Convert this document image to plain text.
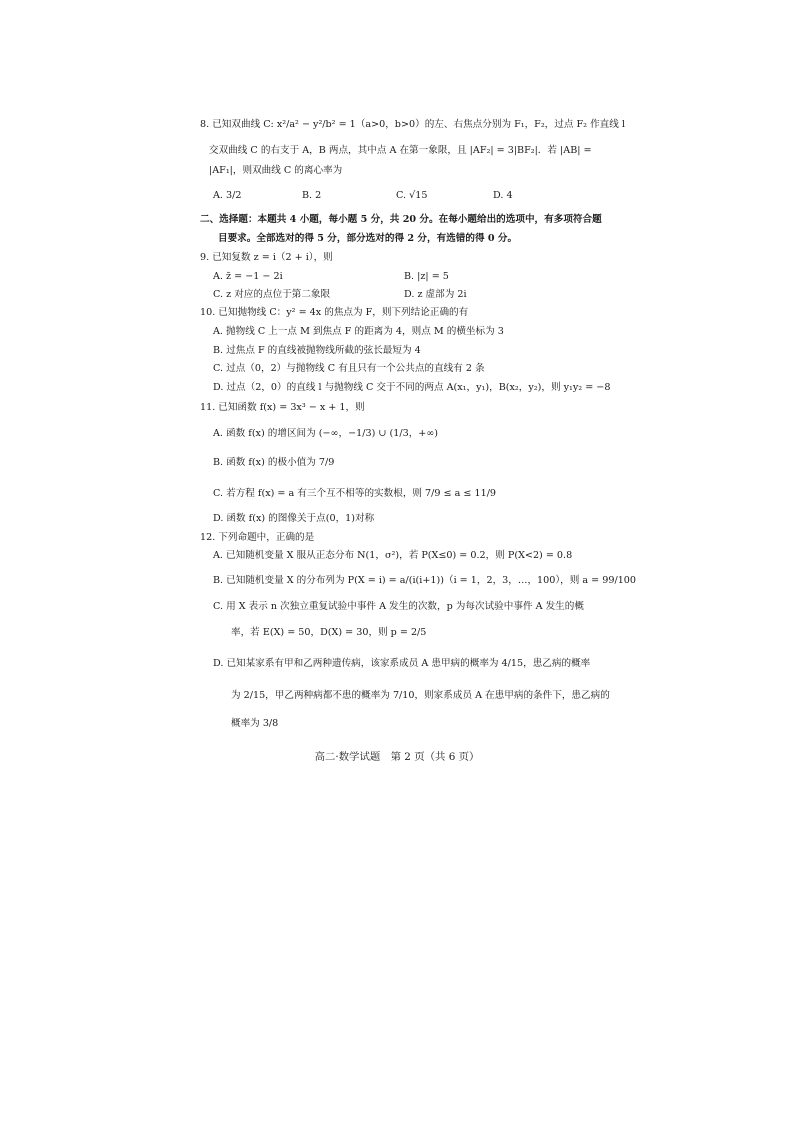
8. 已知双曲线 C: x²/a² − y²/b² = 1（a>0，b>0）的左、右焦点分别为 F₁，F₂，过点 F₂ 作直线 l
交双曲线 C 的右支于 A，B 两点，其中点 A 在第一象限，且 |AF₂| = 3|BF₂|．若 |AB| =
|AF₁|，则双曲线 C 的离心率为
A. 3/2	B. 2	C. √15	D. 4
二、选择题：本题共 4 小题，每小题 5 分，共 20 分。在每小题给出的选项中，有多项符合题
目要求。全部选对的得 5 分，部分选对的得 2 分，有选错的得 0 分。
9. 已知复数 z = i（2 + i），则
A. z̄ = −1 − 2i	B. |z| = 5
C. z 对应的点位于第二象限	D. z 虚部为 2i
10. 已知抛物线 C：y² = 4x 的焦点为 F，则下列结论正确的有
A. 抛物线 C 上一点 M 到焦点 F 的距离为 4，则点 M 的横坐标为 3
B. 过焦点 F 的直线被抛物线所截的弦长最短为 4
C. 过点（0，2）与抛物线 C 有且只有一个公共点的直线有 2 条
D. 过点（2，0）的直线 l 与抛物线 C 交于不同的两点 A(x₁，y₁)，B(x₂，y₂)，则 y₁y₂ = −8
11. 已知函数 f(x) = 3x³ − x + 1，则
A. 函数 f(x) 的增区间为 (−∞，−1/3) ∪ (1/3，+∞)
B. 函数 f(x) 的极小值为 7/9
C. 若方程 f(x) = a 有三个互不相等的实数根，则 7/9 ≤ a ≤ 11/9
D. 函数 f(x) 的图像关于点(0，1)对称
12. 下列命题中，正确的是
A. 已知随机变量 X 服从正态分布 N(1，σ²)，若 P(X≤0) = 0.2，则 P(X<2) = 0.8
B. 已知随机变量 X 的分布列为 P(X = i) = a/(i(i+1))（i = 1，2，3，…，100），则 a = 99/100
C. 用 X 表示 n 次独立重复试验中事件 A 发生的次数，p 为每次试验中事件 A 发生的概
率，若 E(X) = 50，D(X) = 30，则 p = 2/5
D. 已知某家系有甲和乙两种遗传病，该家系成员 A 患甲病的概率为 4/15，患乙病的概率
为 2/15，甲乙两种病都不患的概率为 7/10，则家系成员 A 在患甲病的条件下，患乙病的
概率为 3/8
高二·数学试题　第 2 页（共 6 页）
